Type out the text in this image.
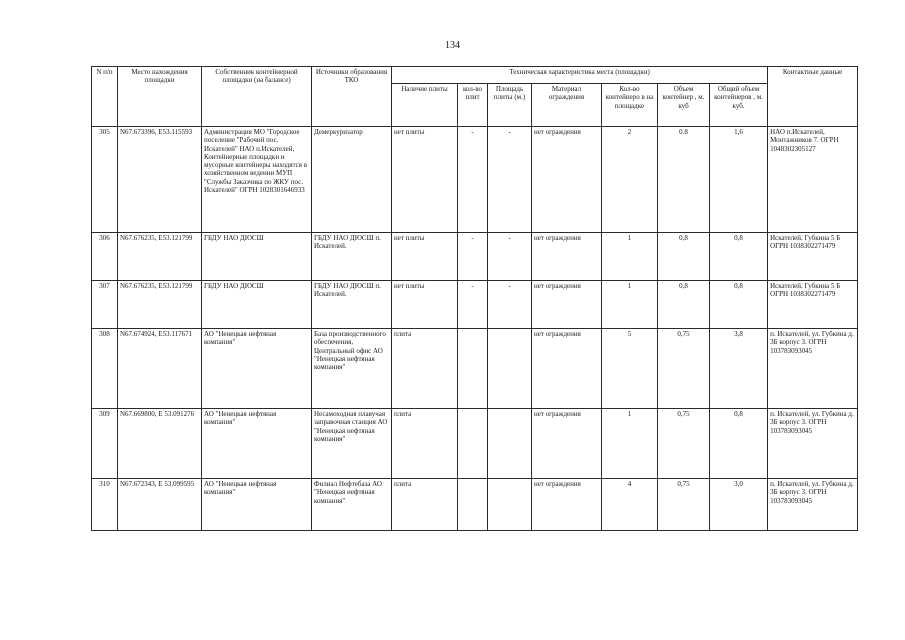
134
N п/п	Место нахождения площадки	Собственник контейнерной площадки (на балансе)	Источники образования ТКО	Техническая характеристика места (площадки)							Контактные данные
				Наличие плиты	кол-во плит	Площадь плиты (м.)	Материал ограждения	Кол-во контейнеро в на площадке	Объем контейнер , м. куб	Общий объем контейнеров , м. куб.	
305	N67.673396, E53.115593	Администрация МО "Городское поселение "Рабочий пос. Искателей" НАО п.Искателей, Контейнерные площадки и мусорные контейнеры находятся в хозяйственном ведении МУП "Службы Заказчика по ЖКУ пос. Искателей" ОГРН 1028301646933	Демеркуризатор	нет плиты	-	-	нет ограждения	2	0.8	1,6	НАО п.Искателей, Монтажников 7. ОГРН 1048302305127
306	N67.676235, E53.121799	ГБДУ НАО ДЮСШ	ГБДУ НАО ДЮСШ п. Искателей.	нет плиты	-	-	нет ограждения	1	0,8	0,8	Искателей. Губкина 5 Б ОГРН 1038302271479
307	N67.676235, E53.121799	ГБДУ НАО ДЮСШ	ГБДУ НАО ДЮСШ п. Искателей.	нет плиты	-	-	нет ограждения	1	0,8	0,8	Искателей. Губкина 5 Б ОГРН 1038302271479
308	N67.674924, E53.117671	АО "Ненецкая нефтяная компания"	База производственного обеспечения, Центральный офис АО "Ненецкая нефтяная компания"	плита			нет ограждения	5	0,75	3,8	п. Искателей, ул. Губкина д. 3Б корпус 3. ОГРН 103783093045
309	N67.669800, E 53.091276	АО "Ненецкая нефтяная компания"	Несамоходная плавучая заправочная станция АО "Ненецкая нефтяная компания"	плита			нет ограждения	1	0,75	0,8	п. Искателей, ул. Губкина д. 3Б корпус 3. ОГРН 103783093045
310	N67.672343, E 53.099595	АО "Ненецкая нефтяная компания"	Филиал Нефтебаза АО "Ненецкая нефтяная компания"	плита			нет ограждения	4	0,75	3,0	п. Искателей, ул. Губкина д. 3Б корпус 3. ОГРН 103783093045
